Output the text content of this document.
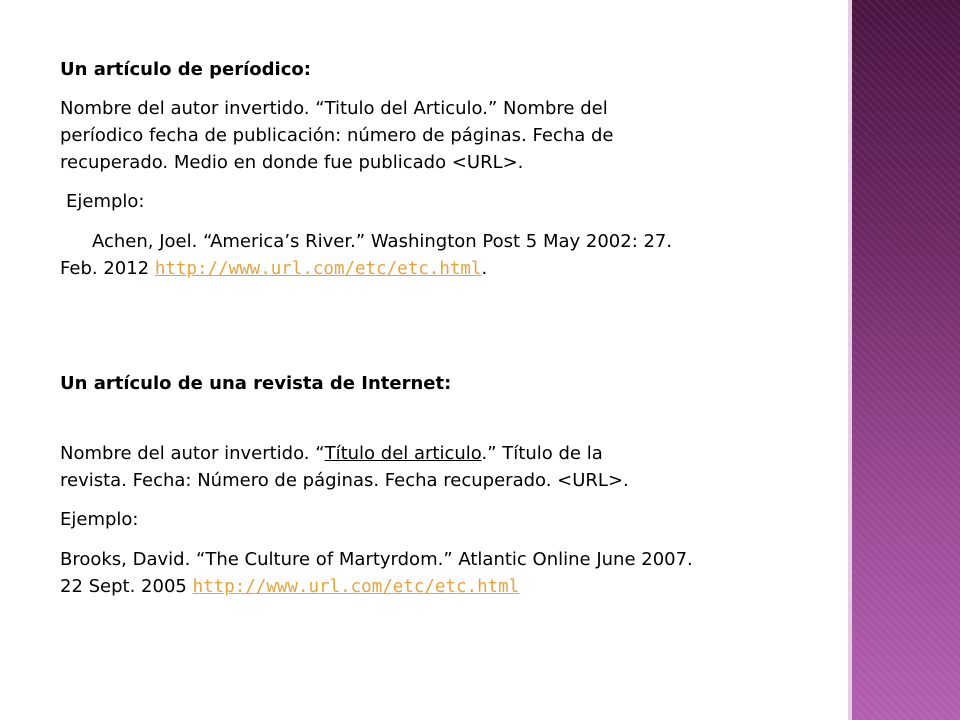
Un artículo de períodico:
Nombre del autor invertido. “Titulo del Articulo.” Nombre del
períodico fecha de publicación: número de páginas. Fecha de
recuperado. Medio en donde fue publicado <URL>.
Ejemplo:
Achen, Joel. “America’s River.” Washington Post 5 May 2002: 27.
Feb. 2012 http://www.url.com/etc/etc.html.
Un artículo de una revista de Internet:
Nombre del autor invertido. “Título del articulo.” Título de la
revista. Fecha: Número de páginas. Fecha recuperado. <URL>.
Ejemplo:
Brooks, David. “The Culture of Martyrdom.” Atlantic Online June 2007.
22 Sept. 2005 http://www.url.com/etc/etc.html
